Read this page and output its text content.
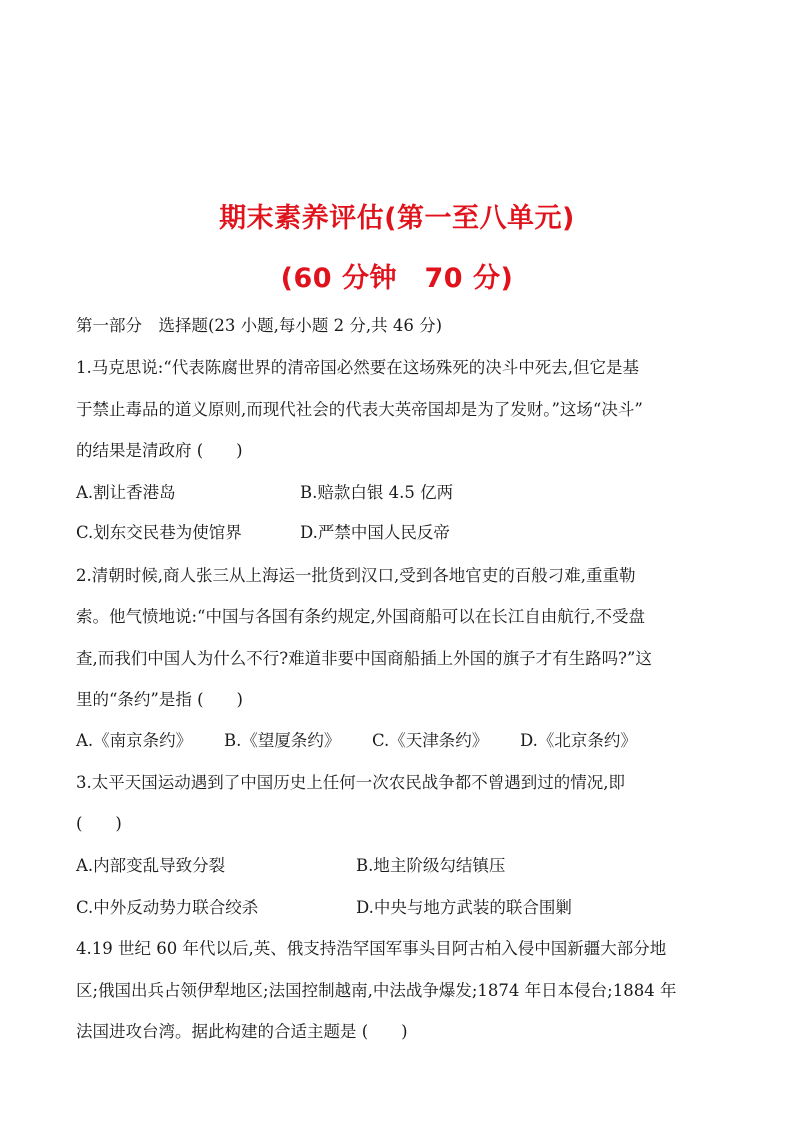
期末素养评估(第一至八单元)
(60 分钟　70 分)
第一部分　选择题(23 小题,每小题 2 分,共 46 分)
1.马克思说:“代表陈腐世界的清帝国必然要在这场殊死的决斗中死去,但它是基
于禁止毒品的道义原则,而现代社会的代表大英帝国却是为了发财。”这场“决斗”
的结果是清政府 (　　)
A.割让香港岛	B.赔款白银 4.5 亿两
C.划东交民巷为使馆界	D.严禁中国人民反帝
2.清朝时候,商人张三从上海运一批货到汉口,受到各地官吏的百般刁难,重重勒
索。他气愤地说:“中国与各国有条约规定,外国商船可以在长江自由航行,不受盘
查,而我们中国人为什么不行?难道非要中国商船插上外国的旗子才有生路吗?”这
里的“条约”是指 (　　)
A.《南京条约》 B.《望厦条约》 C.《天津条约》 D.《北京条约》
3.太平天国运动遇到了中国历史上任何一次农民战争都不曾遇到过的情况,即
(　　)
A.内部变乱导致分裂	B.地主阶级勾结镇压
C.中外反动势力联合绞杀	D.中央与地方武装的联合围剿
4.19 世纪 60 年代以后,英、俄支持浩罕国军事头目阿古柏入侵中国新疆大部分地
区;俄国出兵占领伊犁地区;法国控制越南,中法战争爆发;1874 年日本侵台;1884 年
法国进攻台湾。据此构建的合适主题是 (　　)
